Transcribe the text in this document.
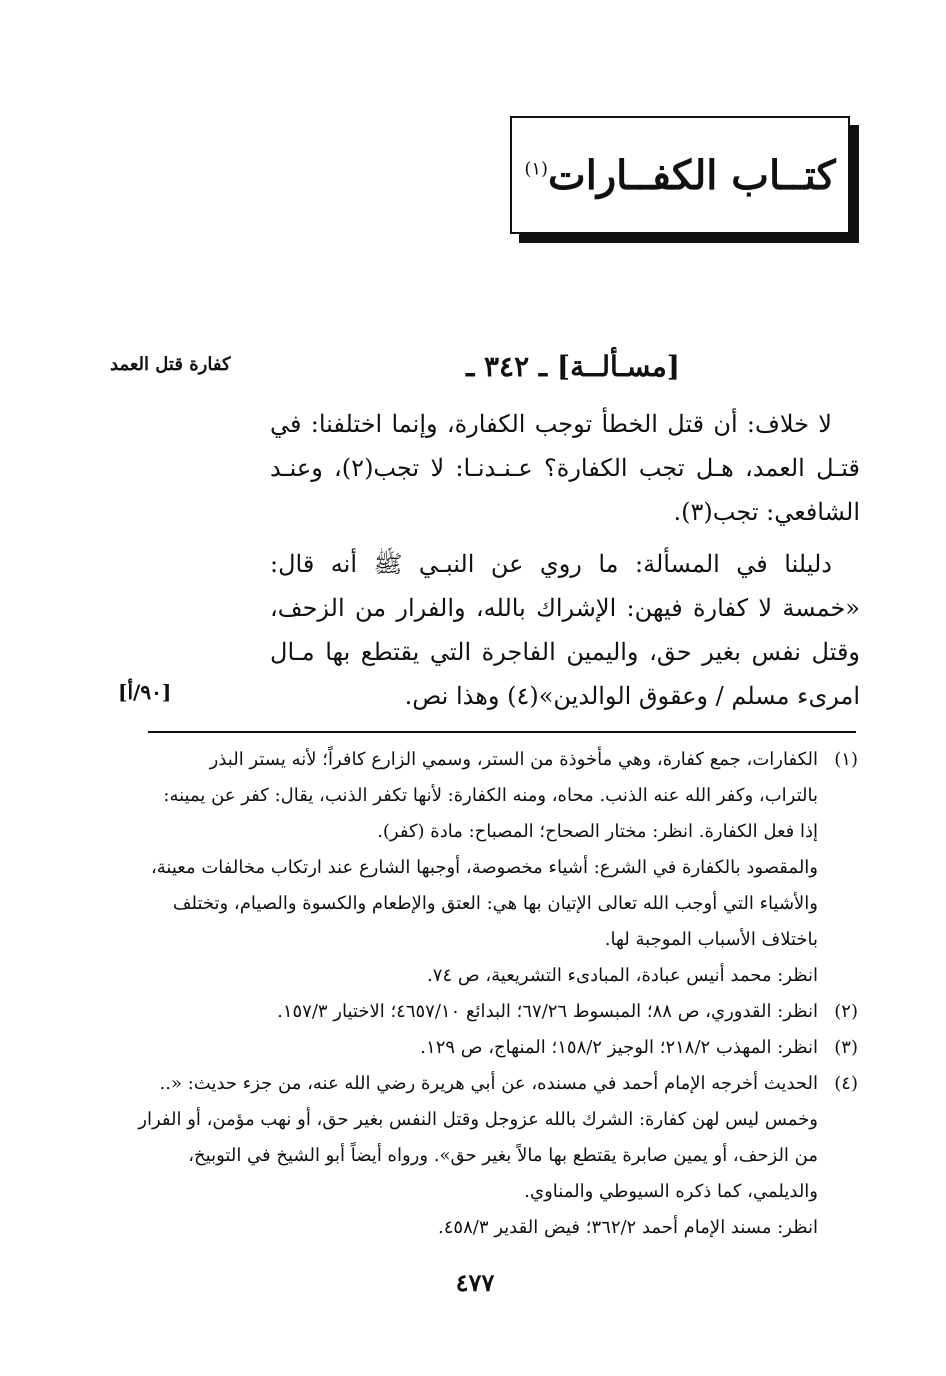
كتــاب الكفــارات$^{(١)}$
[مسـألــة] ـ ٣٤٢ ـ
كفارة قتل العمد

لا خلاف: أن قتل الخطأ توجب الكفارة، وإنما اختلفنا: في قتـل العمد، هـل تجب الكفارة؟ عـنـدنـا: لا تجب(٢)، وعنـد الشافعي: تجب(٣).

دليلنا في المسألة: ما روي عن النبـي ﷺ أنه قال: «خمسة لا كفارة فيهن: الإشراك بالله، والفرار من الزحف، وقتل نفس بغير حق، واليمين الفاجرة التي يقتطع بها مـال امرىء مسلم / وعقوق الوالدين»(٤) وهذا نص.

[٩٠/أ]
(١)
الكفارات، جمع كفارة، وهي مأخوذة من الستر، وسمي الزارع كافراً؛ لأنه يستر البذر
بالتراب، وكفر الله عنه الذنب. محاه، ومنه الكفارة: لأنها تكفر الذنب، يقال: كفر عن يمينه:
إذا فعل الكفارة. انظر: مختار الصحاح؛ المصباح: مادة (كفر).
والمقصود بالكفارة في الشرع: أشياء مخصوصة، أوجبها الشارع عند ارتكاب مخالفات معينة،
والأشياء التي أوجب الله تعالى الإتيان بها هي: العتق والإطعام والكسوة والصيام، وتختلف
باختلاف الأسباب الموجبة لها.
انظر: محمد أنيس عبادة، المبادىء التشريعية، ص ٧٤.
(٢)
انظر: القدوري، ص ٨٨؛ المبسوط ٦٧/٢٦؛ البدائع ٤٦٥٧/١٠؛ الاختيار ١٥٧/٣.
(٣)
انظر: المهذب ٢١٨/٢؛ الوجيز ١٥٨/٢؛ المنهاج، ص ١٢٩.
(٤)
الحديث أخرجه الإمام أحمد في مسنده، عن أبي هريرة رضي الله عنه، من جزء حديث: «..
وخمس ليس لهن كفارة: الشرك بالله عزوجل وقتل النفس بغير حق، أو نهب مؤمن، أو الفرار
من الزحف، أو يمين صابرة يقتطع بها مالاً بغير حق». ورواه أيضاً أبو الشيخ في التوبيخ،
والديلمي، كما ذكره السيوطي والمناوي.
انظر: مسند الإمام أحمد ٣٦٢/٢؛ فيض القدير ٤٥٨/٣.
٤٧٧
